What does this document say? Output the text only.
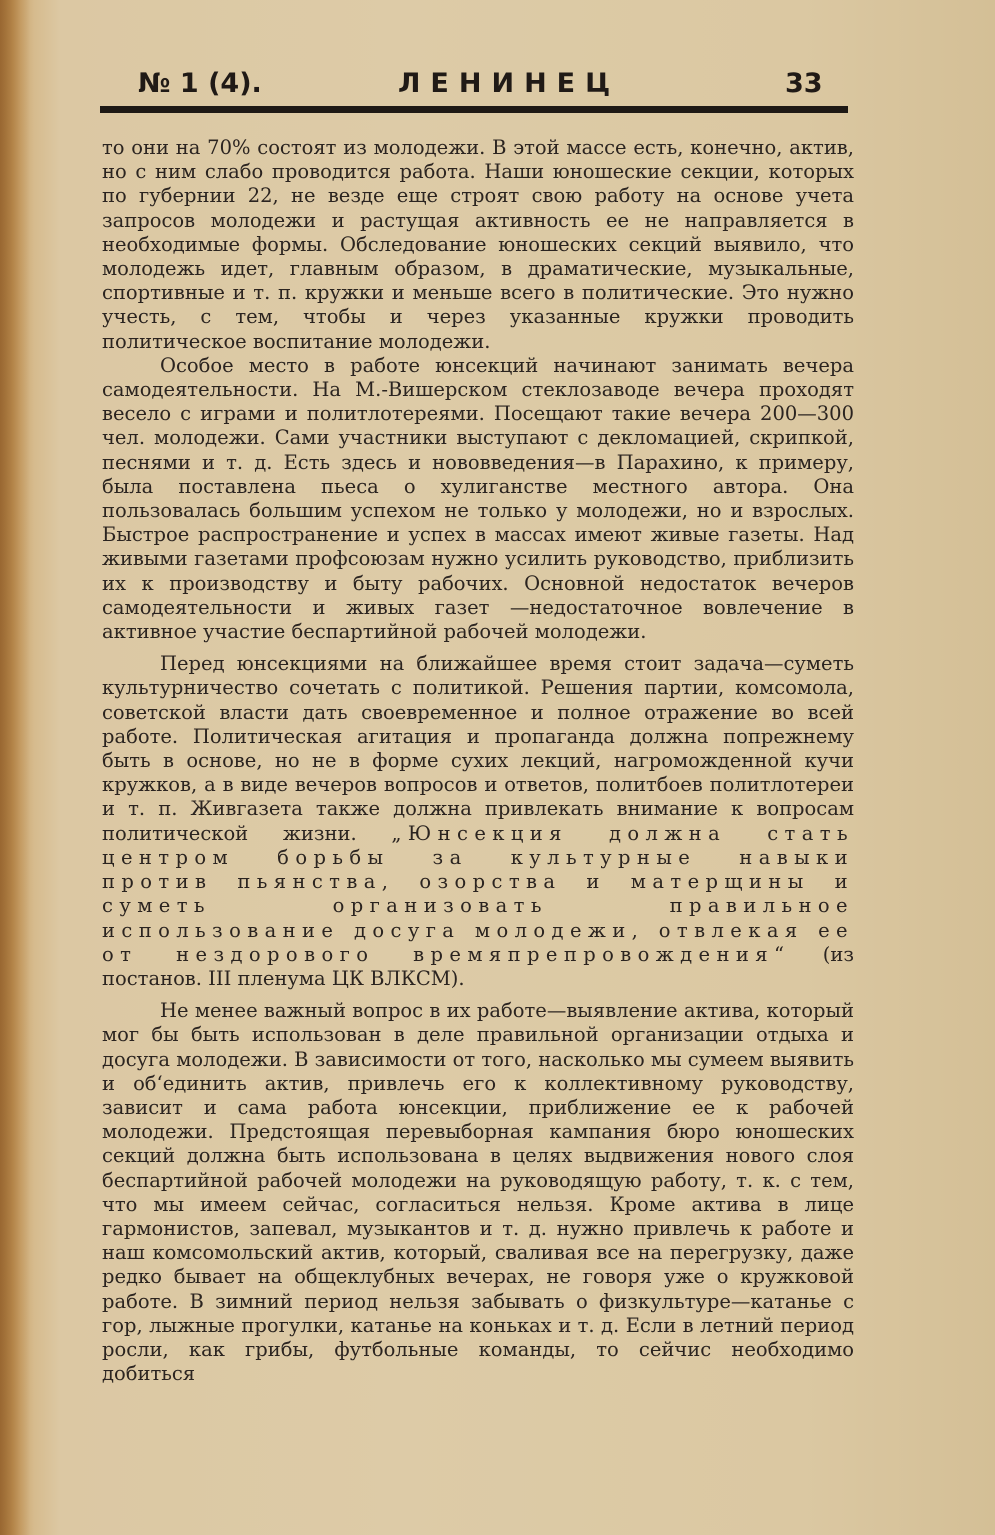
№ 1 (4).	ЛЕНИНЕЦ	33

то они на 70% состоят из молодежи. В этой массе есть, конечно, актив, но с ним слабо проводится работа. Наши юношеские секции, которых по губернии 22, не везде еще строят свою работу на основе учета запросов молодежи и растущая активность ее не направляется в необходимые формы. Обследование юношеских секций выявило, что молодежь идет, главным образом, в драматические, музыкальные, спортивные и т. п. кружки и меньше всего в политические. Это нужно учесть, с тем, чтобы и через указанные кружки проводить политическое воспитание молодежи.

Особое место в работе юнсекций начинают занимать вечера самодеятельности. На М.-Вишерском стеклозаводе вечера проходят весело с играми и политлотереями. Посещают такие вечера 200—300 чел. молодежи. Сами участники выступают с декломацией, скрипкой, песнями и т. д. Есть здесь и нововведения—в Парахино, к примеру, была поставлена пьеса о хулиганстве местного автора. Она пользовалась большим успехом не только у молодежи, но и взрослых. Быстрое распространение и успех в массах имеют живые газеты. Над живыми газетами профсоюзам нужно усилить руководство, приблизить их к производству и быту рабочих. Основной недостаток вечеров самодеятельности и живых газет —недостаточное вовлечение в активное участие беспартийной рабочей молодежи.

Перед юнсекциями на ближайшее время стоит задача—суметь культурничество сочетать с политикой. Решения партии, комсомола, советской власти дать своевременное и полное отражение во всей работе. Политическая агитация и пропаганда должна попрежнему быть в основе, но не в форме сухих лекций, нагроможденной кучи кружков, а в виде вечеров вопросов и ответов, политбоев политлотереи и т. п. Живгазета также должна привлекать внимание к вопросам политической жизни. „Юнсекция должна стать центром борьбы за культурные навыки против пьянства, озорства и матерщины и суметь организовать правильное использование досуга молодежи, отвлекая ее от нездорового времяпрепровождения“ (из постанов. III пленума ЦК ВЛКСМ).

Не менее важный вопрос в их работе—выявление актива, который мог бы быть использован в деле правильной организации отдыха и досуга молодежи. В зависимости от того, насколько мы сумеем выявить и об‘единить актив, привлечь его к коллективному руководству, зависит и сама работа юнсекции, приближение ее к рабочей молодежи. Предстоящая перевыборная кампания бюро юношеских секций должна быть использована в целях выдвижения нового слоя беспартийной рабочей молодежи на руководящую работу, т. к. с тем, что мы имеем сейчас, согласиться нельзя. Кроме актива в лице гармонистов, запевал, музыкантов и т. д. нужно привлечь к работе и наш комсомольский актив, который, сваливая все на перегрузку, даже редко бывает на общеклубных вечерах, не говоря уже о кружковой работе. В зимний период нельзя забывать о физкультуре—катанье с гор, лыжные прогулки, катанье на коньках и т. д. Если в летний период росли, как грибы, футбольные команды, то сейчис необходимо добиться
